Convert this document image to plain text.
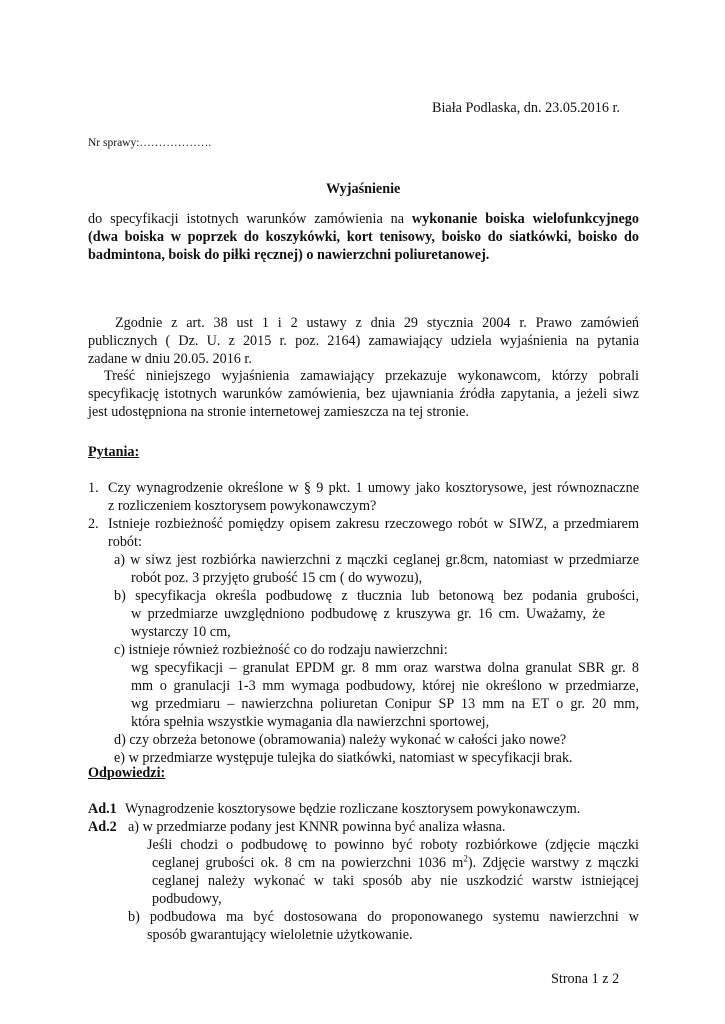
Biała Podlaska, dn. 23.05.2016 r.
Nr sprawy:……………….
Wyjaśnienie
do specyfikacji istotnych warunków zamówienia na wykonanie boiska wielofunkcyjnego
(dwa boiska w poprzek do koszykówki, kort tenisowy, boisko do siatkówki, boisko do
badmintona, boisk do piłki ręcznej) o nawierzchni poliuretanowej.
Zgodnie z art. 38 ust 1 i 2 ustawy z dnia 29 stycznia 2004 r. Prawo zamówień
publicznych ( Dz. U. z 2015 r. poz. 2164) zamawiający udziela wyjaśnienia na pytania
zadane w dniu 20.05. 2016 r.
Treść niniejszego wyjaśnienia zamawiający przekazuje wykonawcom, którzy pobrali
specyfikację istotnych warunków zamówienia, bez ujawniania źródła zapytania, a jeżeli siwz
jest udostępniona na stronie internetowej zamieszcza na tej stronie.
Pytania:
1. Czy wynagrodzenie określone w § 9 pkt. 1 umowy jako kosztorysowe, jest równoznaczne
z rozliczeniem kosztorysem powykonawczym?
2. Istnieje rozbieżność pomiędzy opisem zakresu rzeczowego robót w SIWZ, a przedmiarem
robót:
a) w siwz jest rozbiórka nawierzchni z mączki ceglanej gr.8cm, natomiast w przedmiarze
robót poz. 3 przyjęto grubość 15 cm ( do wywozu),
b) specyfikacja określa podbudowę z tłucznia lub betonową bez podania grubości,
w przedmiarze uwzględniono podbudowę z kruszywa gr. 16 cm. Uważamy, że
wystarczy 10 cm,
c) istnieje również rozbieżność co do rodzaju nawierzchni:
wg specyfikacji – granulat EPDM gr. 8 mm oraz warstwa dolna granulat SBR gr. 8
mm o granulacji 1-3 mm wymaga podbudowy, której nie określono w przedmiarze,
wg przedmiaru – nawierzchna poliuretan Conipur SP 13 mm na ET o gr. 20 mm,
która spełnia wszystkie wymagania dla nawierzchni sportowej,
d) czy obrzeża betonowe (obramowania) należy wykonać w całości jako nowe?
e) w przedmiarze występuje tulejka do siatkówki, natomiast w specyfikacji brak.
Odpowiedzi:
Ad.1 Wynagrodzenie kosztorysowe będzie rozliczane kosztorysem powykonawczym.
Ad.2 a) w przedmiarze podany jest KNNR powinna być analiza własna.
Jeśli chodzi o podbudowę to powinno być roboty rozbiórkowe (zdjęcie mączki
ceglanej grubości ok. 8 cm na powierzchni 1036 $m^2$). Zdjęcie warstwy z mączki
ceglanej należy wykonać w taki sposób aby nie uszkodzić warstw istniejącej
podbudowy,
b) podbudowa ma być dostosowana do proponowanego systemu nawierzchni w
sposób gwarantujący wieloletnie użytkowanie.
Strona 1 z 2
